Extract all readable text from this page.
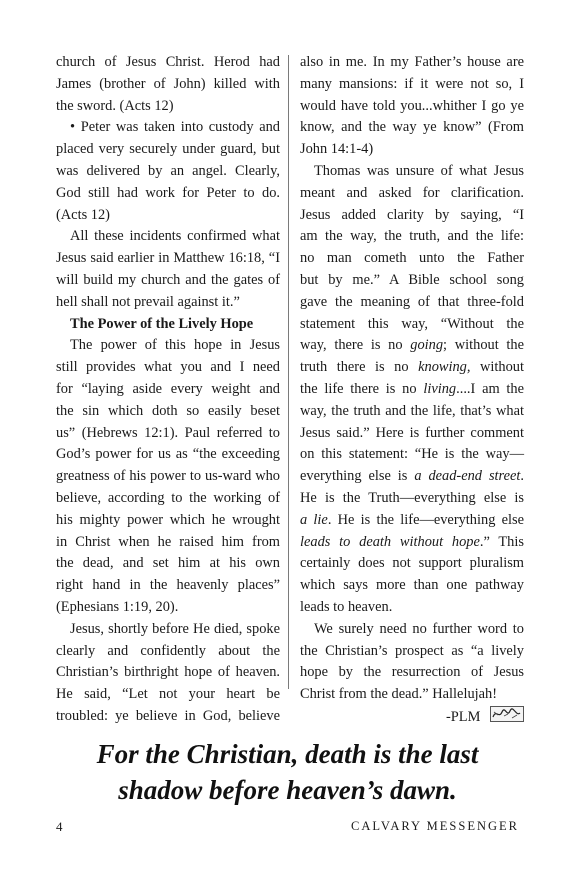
church of Jesus Christ. Herod had
James (brother of John) killed with
the sword. (Acts 12)
• Peter was taken into custody and
placed very securely under guard, but
was delivered by an angel. Clearly,
God still had work for Peter to do.
(Acts 12)
All these incidents confirmed what
Jesus said earlier in Matthew 16:18, “I
will build my church and the gates of
hell shall not prevail against it.”
The Power of the Lively Hope
The power of this hope in Jesus
still provides what you and I need
for “laying aside every weight and
the sin which doth so easily beset
us” (Hebrews 12:1). Paul referred to
God’s power for us as “the exceeding
greatness of his power to us-ward who
believe, according to the working of
his mighty power which he wrought
in Christ when he raised him from
the dead, and set him at his own
right hand in the heavenly places”
(Ephesians 1:19, 20).
Jesus, shortly before He died, spoke
clearly and confidently about the
Christian’s birthright hope of heaven.
He said, “Let not your heart be
troubled: ye believe in God, believe
also in me. In my Father’s house are
many mansions: if it were not so, I
would have told you...whither I go ye
know, and the way ye know” (From
John 14:1-4)
Thomas was unsure of what Jesus
meant and asked for clarification.
Jesus added clarity by saying, “I
am the way, the truth, and the life:
no man cometh unto the Father
but by me.” A Bible school song
gave the meaning of that three-fold
statement this way, “Without the
way, there is no going; without the
truth there is no knowing, without
the life there is no living....I am the
way, the truth and the life, that’s what
Jesus said.” Here is further comment
on this statement: “He is the way—
everything else is a dead-end street.
He is the Truth—everything else is
a lie. He is the life—everything else
leads to death without hope.” This
certainly does not support pluralism
which says more than one pathway
leads to heaven.
We surely need no further word to
the Christian’s prospect as “a lively
hope by the resurrection of Jesus
Christ from the dead.” Hallelujah!
-PLM
For the Christian, death is the last
shadow before heaven’s dawn.
4	CALVARY MESSENGER
